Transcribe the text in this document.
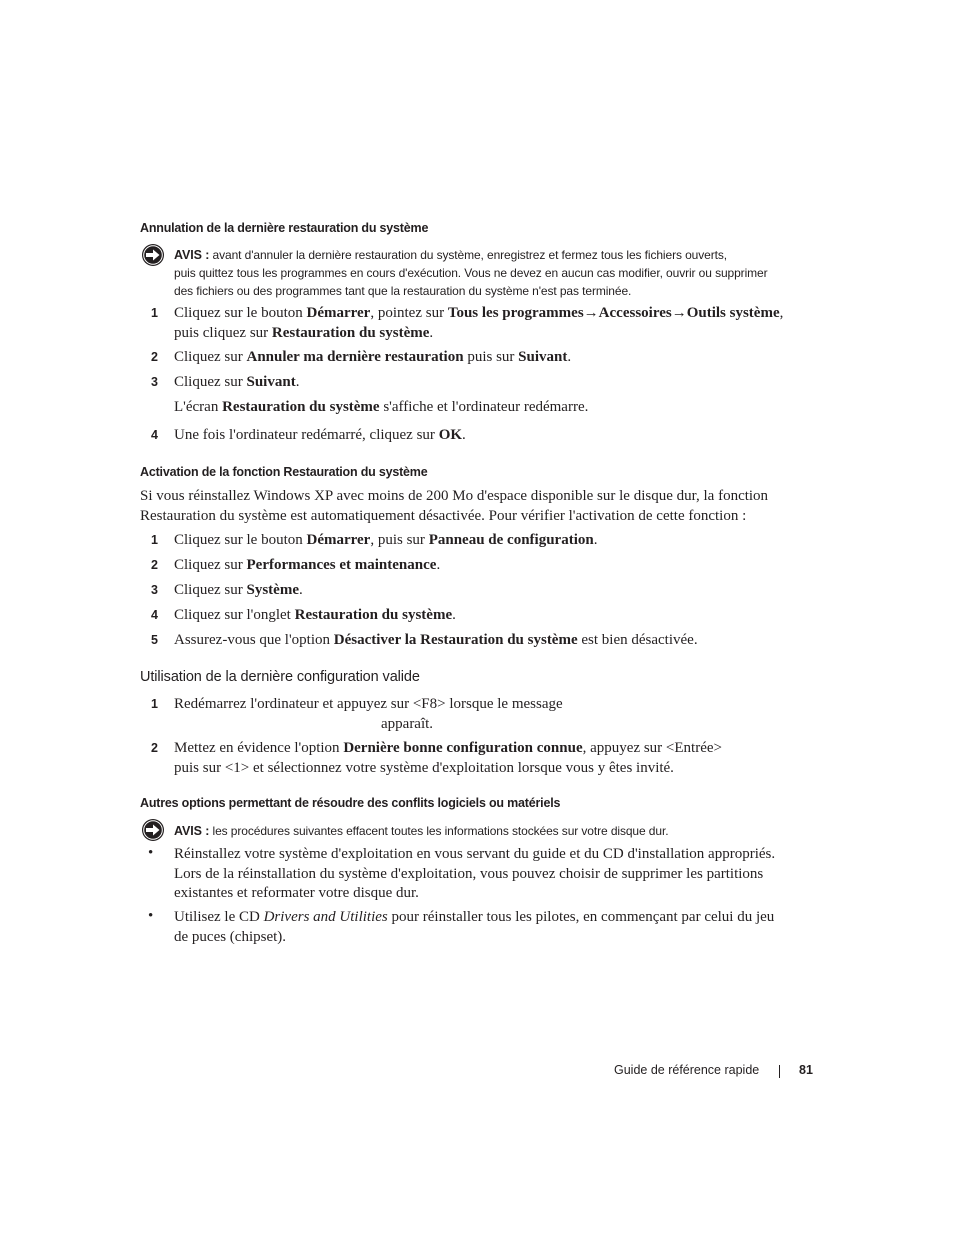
Annulation de la dernière restauration du système
AVIS : avant d'annuler la dernière restauration du système, enregistrez et fermez tous les fichiers ouverts,
puis quittez tous les programmes en cours d'exécution. Vous ne devez en aucun cas modifier, ouvrir ou supprimer
des fichiers ou des programmes tant que la restauration du système n'est pas terminée.
1	Cliquez sur le bouton Démarrer, pointez sur Tous les programmes→Accessoires→Outils système,
puis cliquez sur Restauration du système.
2	Cliquez sur Annuler ma dernière restauration puis sur Suivant.
3	Cliquez sur Suivant.
L'écran Restauration du système s'affiche et l'ordinateur redémarre.
4	Une fois l'ordinateur redémarré, cliquez sur OK.
Activation de la fonction Restauration du système
Si vous réinstallez Windows XP avec moins de 200 Mo d'espace disponible sur le disque dur, la fonction
Restauration du système est automatiquement désactivée. Pour vérifier l'activation de cette fonction :
1	Cliquez sur le bouton Démarrer, puis sur Panneau de configuration.
2	Cliquez sur Performances et maintenance.
3	Cliquez sur Système.
4	Cliquez sur l'onglet Restauration du système.
5	Assurez-vous que l'option Désactiver la Restauration du système est bien désactivée.
Utilisation de la dernière configuration valide
1	Redémarrez l'ordinateur et appuyez sur <F8> lorsque le message
apparaît.
2	Mettez en évidence l'option Dernière bonne configuration connue, appuyez sur <Entrée>
puis sur <1> et sélectionnez votre système d'exploitation lorsque vous y êtes invité.
Autres options permettant de résoudre des conflits logiciels ou matériels
AVIS : les procédures suivantes effacent toutes les informations stockées sur votre disque dur.
• Réinstallez votre système d'exploitation en vous servant du guide et du CD d'installation appropriés.
Lors de la réinstallation du système d'exploitation, vous pouvez choisir de supprimer les partitions
existantes et reformater votre disque dur.
• Utilisez le CD Drivers and Utilities pour réinstaller tous les pilotes, en commençant par celui du jeu
de puces (chipset).
Guide de référence rapide	81
